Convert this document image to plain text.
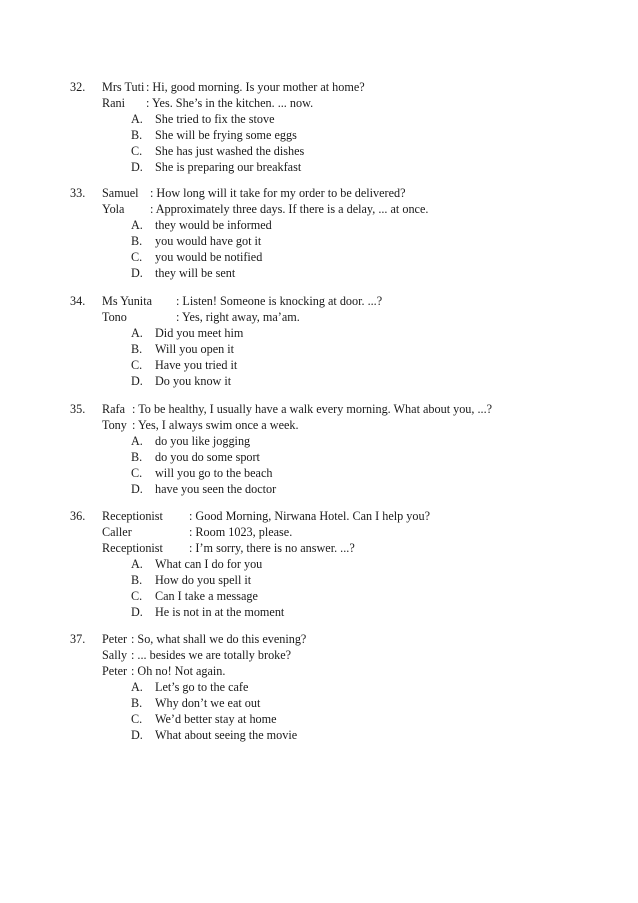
32. Mrs Tuti : Hi, good morning. Is your mother at home?
Rani : Yes. She’s in the kitchen. ... now.
A. She tried to fix the stove
B. She will be frying some eggs
C. She has just washed the dishes
D. She is preparing our breakfast
33. Samuel : How long will it take for my order to be delivered?
Yola : Approximately three days. If there is a delay, ... at once.
A. they would be informed
B. you would have got it
C. you would be notified
D. they will be sent
34. Ms Yunita : Listen! Someone is knocking at door. ...?
Tono	: Yes, right away, ma’am.
A. Did you meet him
B. Will you open it
C. Have you tried it
D. Do you know it
35. Rafa : To be healthy, I usually have a walk every morning. What about you, ...?
Tony : Yes, I always swim once a week.
A. do you like jogging
B. do you do some sport
C. will you go to the beach
D. have you seen the doctor
36. Receptionist : Good Morning, Nirwana Hotel. Can I help you?
Caller	: Room 1023, please.
Receptionist : I’m sorry, there is no answer. ...?
A. What can I do for you
B. How do you spell it
C. Can I take a message
D. He is not in at the moment
37. Peter : So, what shall we do this evening?
Sally : ... besides we are totally broke?
Peter : Oh no! Not again.
A. Let’s go to the cafe
B. Why don’t we eat out
C. We’d better stay at home
D. What about seeing the movie
